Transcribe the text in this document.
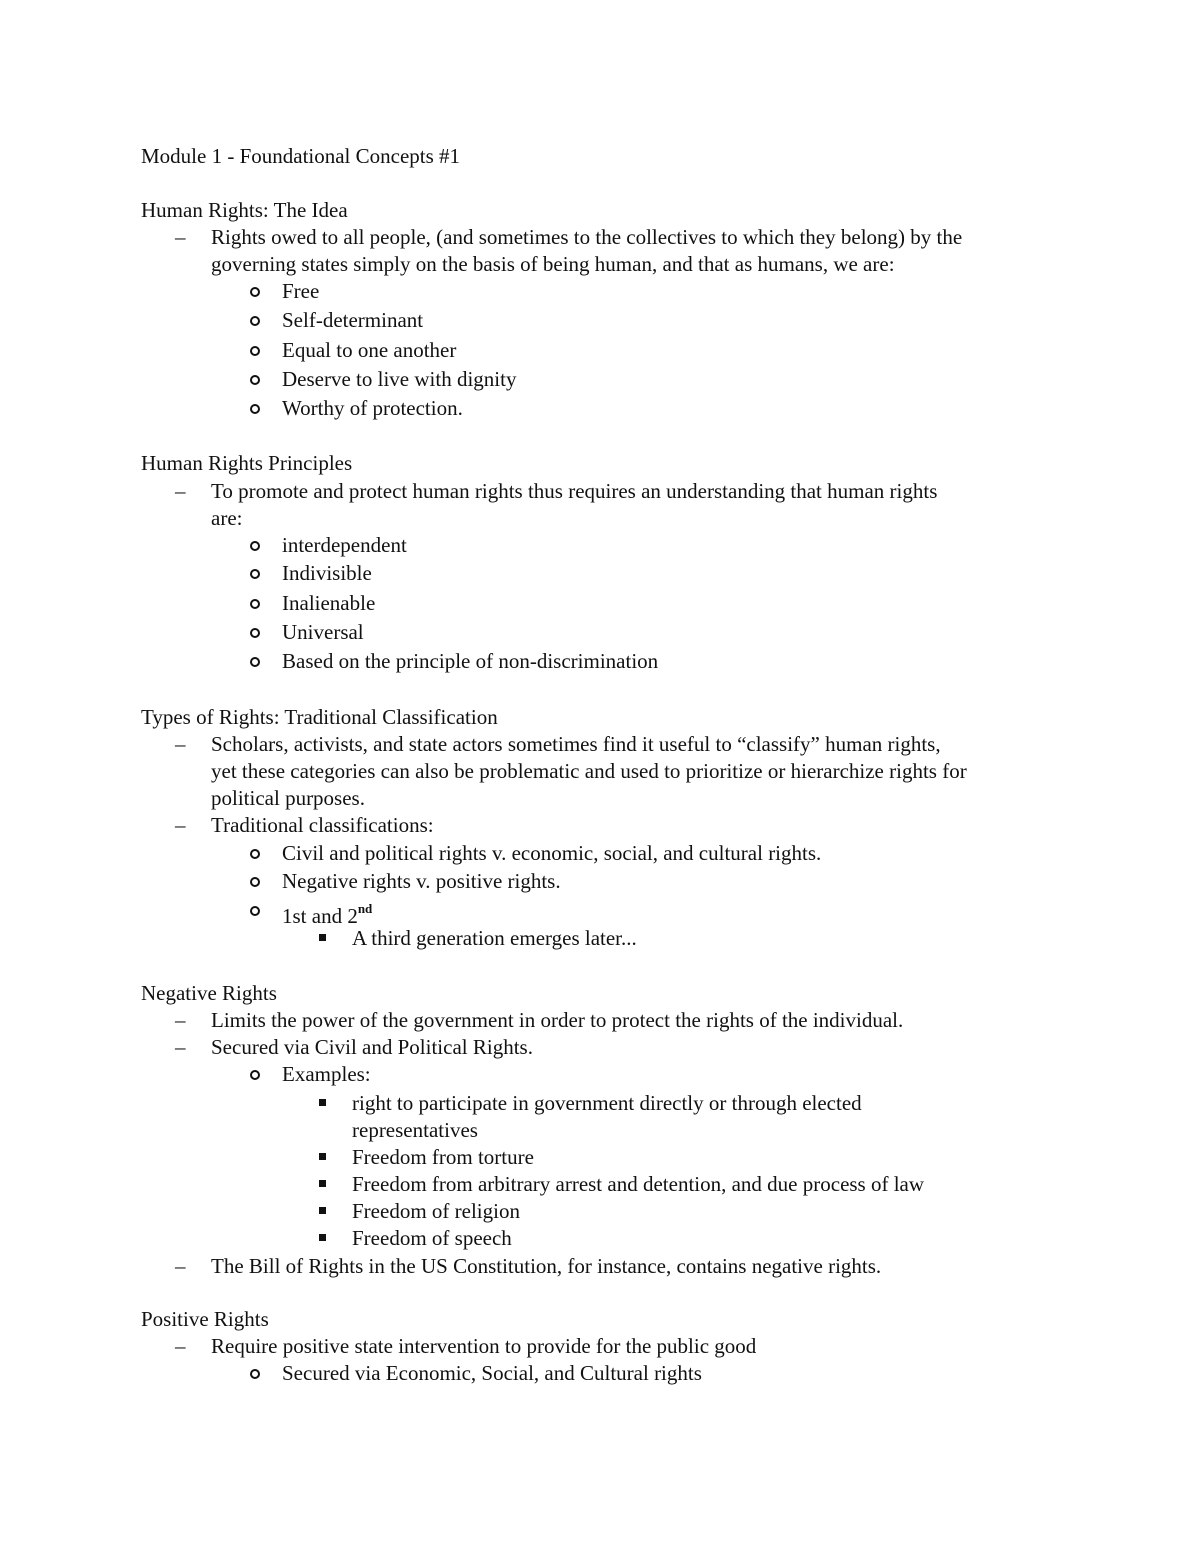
Module 1 - Foundational Concepts #1
Human Rights: The Idea
– Rights owed to all people, (and sometimes to the collectives to which they belong) by the
governing states simply on the basis of being human, and that as humans, we are:
Free
Self-determinant
Equal to one another
Deserve to live with dignity
Worthy of protection.
Human Rights Principles
– To promote and protect human rights thus requires an understanding that human rights
are:
interdependent
Indivisible
Inalienable
Universal
Based on the principle of non-discrimination
Types of Rights: Traditional Classification
– Scholars, activists, and state actors sometimes find it useful to “classify” human rights,
yet these categories can also be problematic and used to prioritize or hierarchize rights for
political purposes.
– Traditional classifications:
Civil and political rights v. economic, social, and cultural rights.
Negative rights v. positive rights.
1st and 2nd
A third generation emerges later...
Negative Rights
– Limits the power of the government in order to protect the rights of the individual.
– Secured via Civil and Political Rights.
Examples:
right to participate in government directly or through elected
representatives
Freedom from torture
Freedom from arbitrary arrest and detention, and due process of law
Freedom of religion
Freedom of speech
– The Bill of Rights in the US Constitution, for instance, contains negative rights.
Positive Rights
– Require positive state intervention to provide for the public good
Secured via Economic, Social, and Cultural rights
